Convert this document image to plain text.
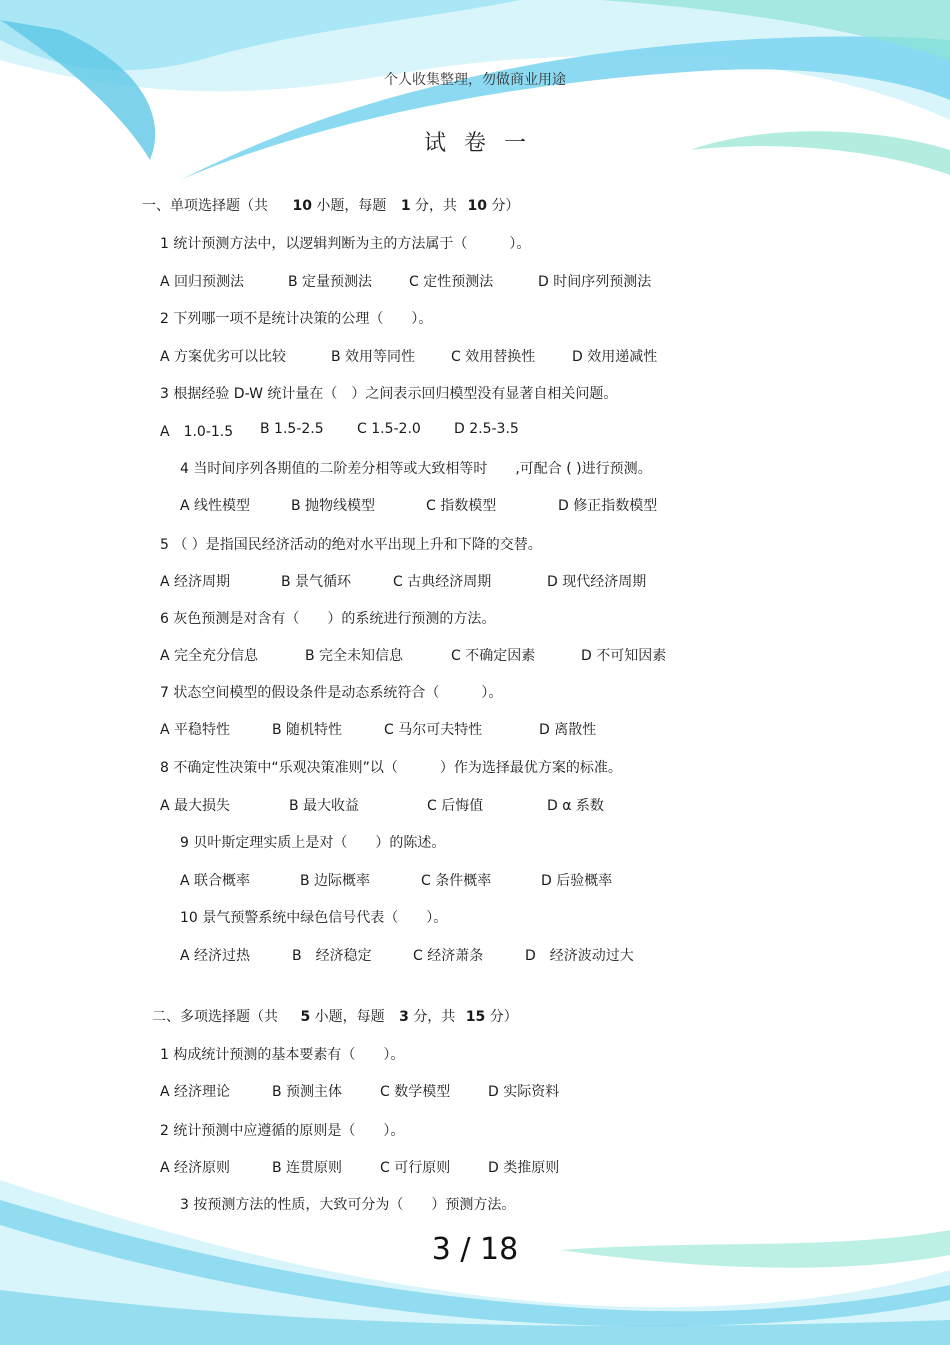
个人收集整理，勿做商业用途
试卷一
一、单项选择题（共 10 小题，每题 1 分，共 10 分）
1 统计预测方法中，以逻辑判断为主的方法属于（　　　）。
A 回归预测法	B 定量预测法	C 定性预测法	D 时间序列预测法
2 下列哪一项不是统计决策的公理（　　）。
A 方案优劣可以比较	B 效用等同性	C 效用替换性	D 效用递减性
3 根据经验 D-W 统计量在（　）之间表示回归模型没有显著自相关问题。
A　1.0-1.5 B 1.5-2.5 C 1.5-2.0 D 2.5-3.5
4 当时间序列各期值的二阶差分相等或大致相等时　　,可配合 ( )进行预测。
A 线性模型	B 抛物线模型	C 指数模型	D 修正指数模型
5 （ ）是指国民经济活动的绝对水平出现上升和下降的交替。
A 经济周期	B 景气循环	C 古典经济周期	D 现代经济周期
6 灰色预测是对含有（　　）的系统进行预测的方法。
A 完全充分信息	B 完全未知信息	C 不确定因素	D 不可知因素
7 状态空间模型的假设条件是动态系统符合（　　　）。
A 平稳特性	B 随机特性	C 马尔可夫特性	D 离散性
8 不确定性决策中“乐观决策准则”以（　　　）作为选择最优方案的标准。
A 最大损失	B 最大收益	C 后悔值	D α 系数
9 贝叶斯定理实质上是对（　　）的陈述。
A 联合概率	B 边际概率	C 条件概率	D 后验概率
10 景气预警系统中绿色信号代表（　　）。
A 经济过热	B　经济稳定	C 经济萧条	D　经济波动过大
二、多项选择题（共 5 小题，每题 3 分，共 15 分）
1 构成统计预测的基本要素有（　　）。
A 经济理论	B 预测主体	C 数学模型	D 实际资料
2 统计预测中应遵循的原则是（　　）。
A 经济原则	B 连贯原则	C 可行原则	D 类推原则
3 按预测方法的性质，大致可分为（　　）预测方法。
3 / 18
